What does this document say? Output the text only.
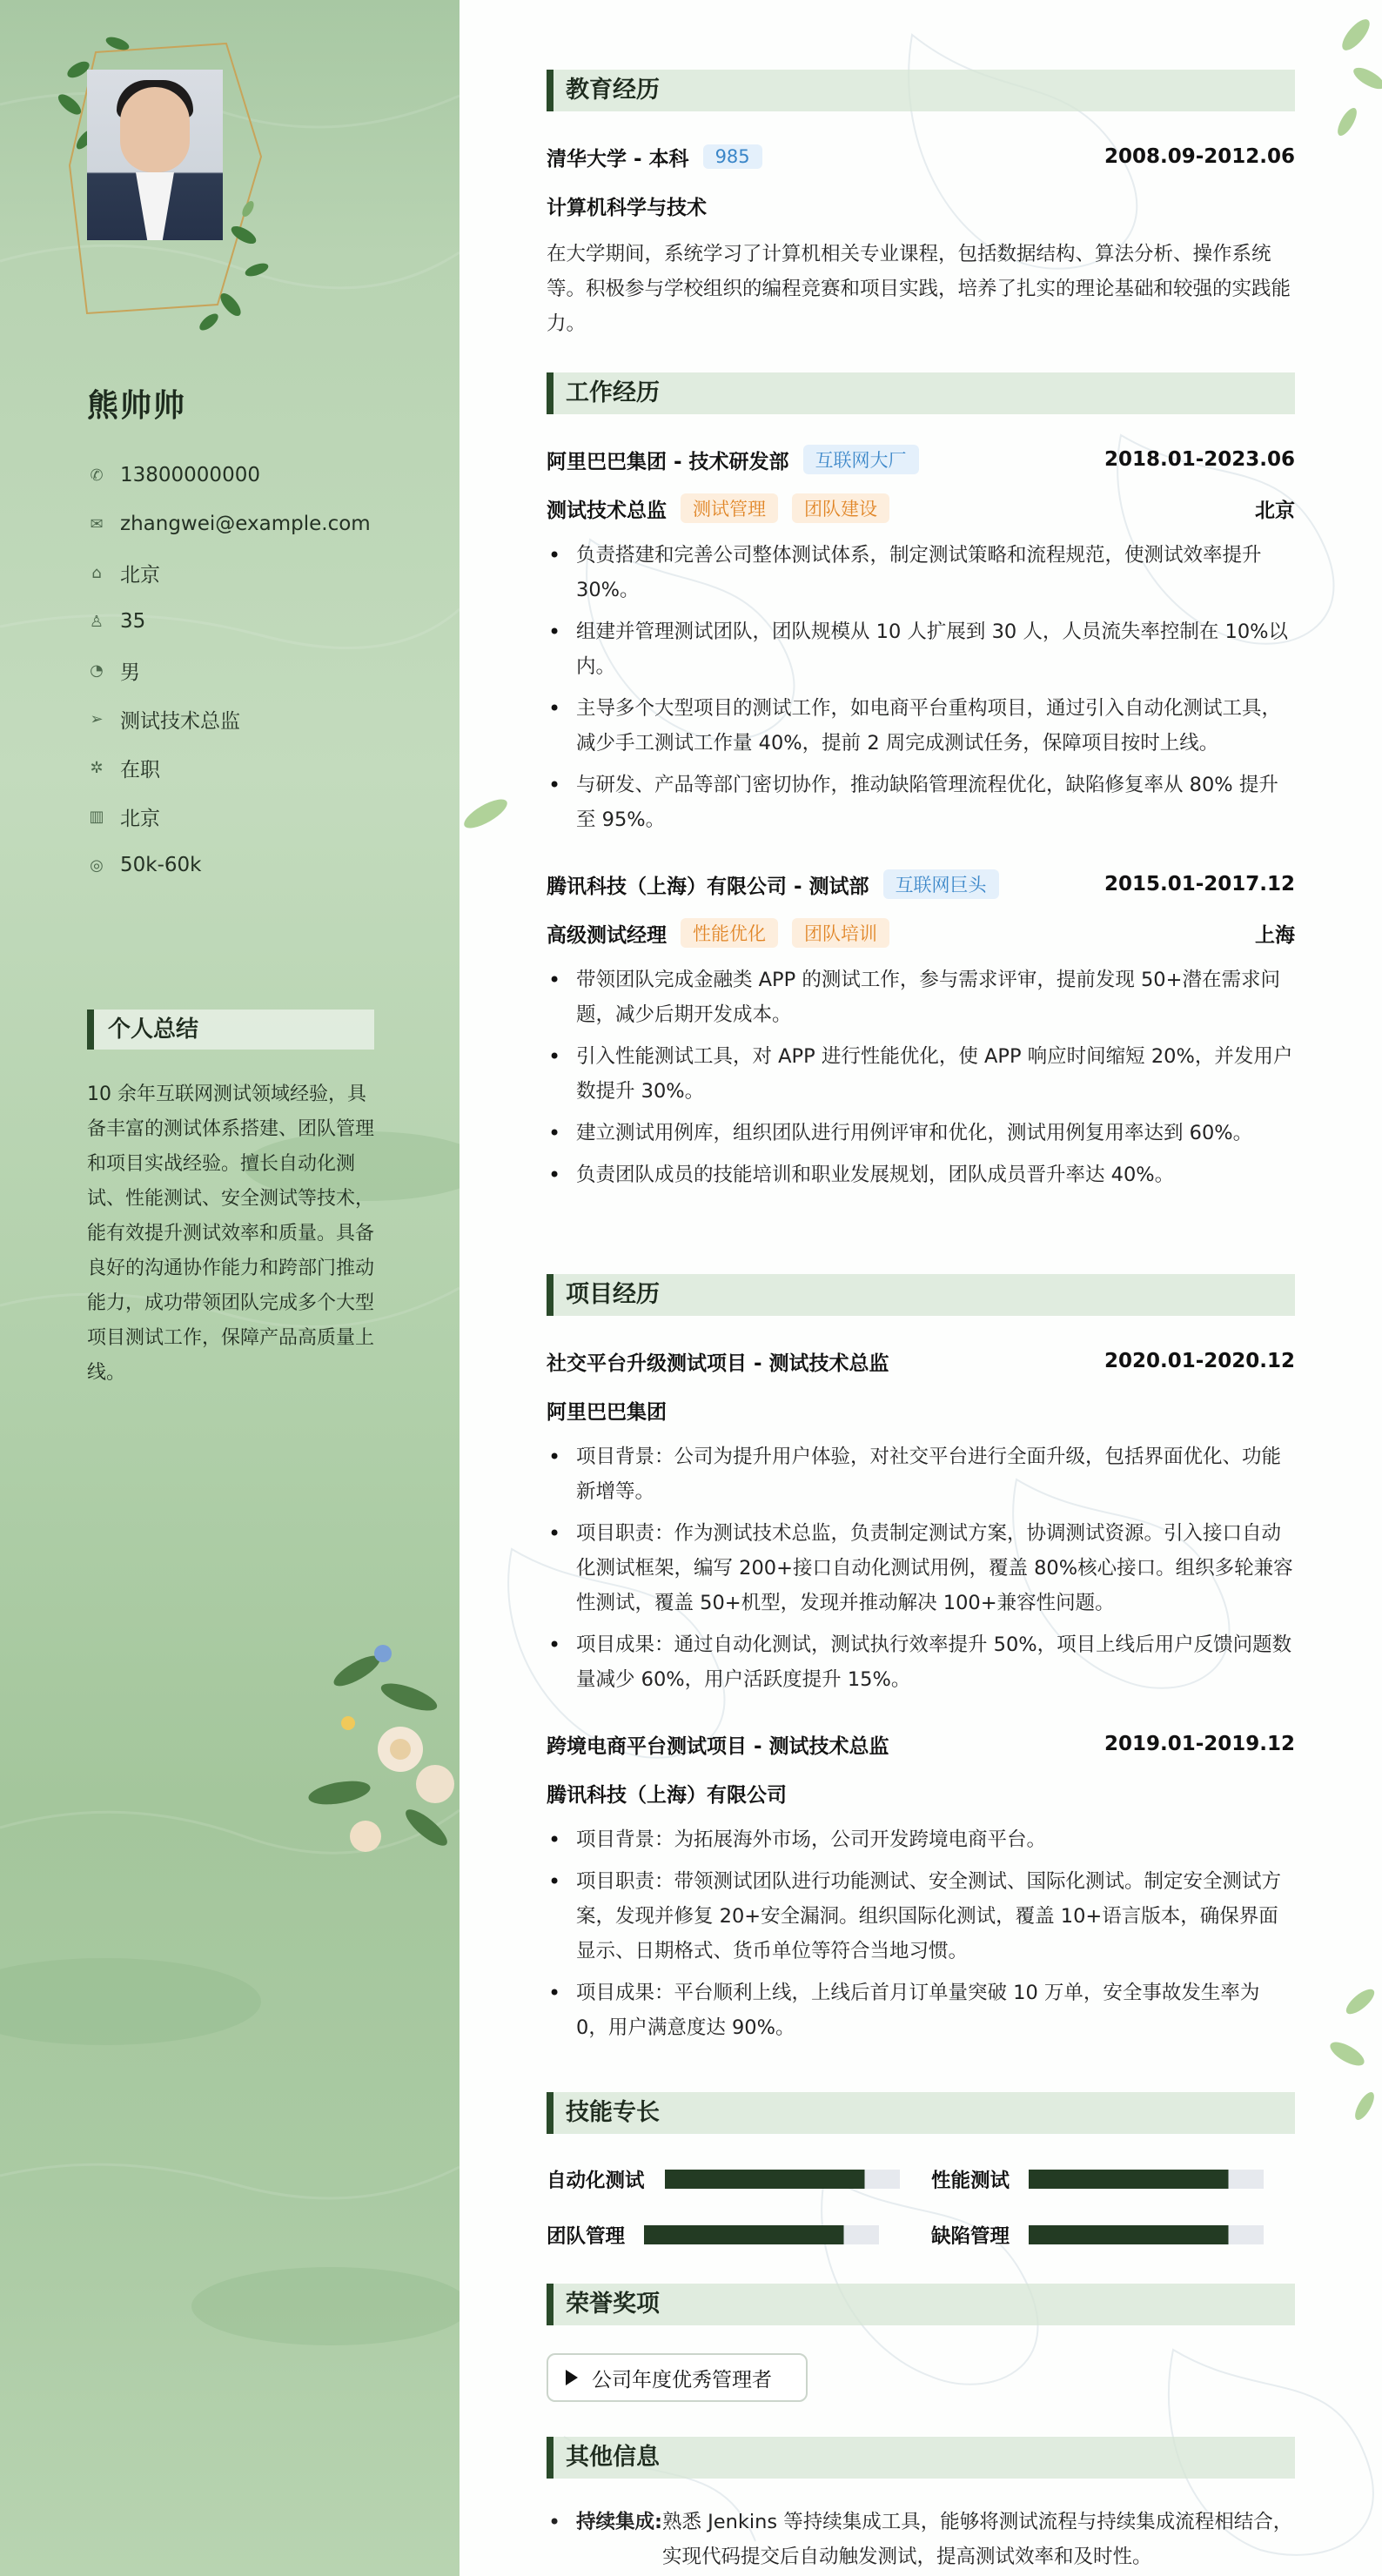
熊帅帅
✆ 13800000000
✉ zhangwei@example.com
⌂ 北京
♙ 35
◔ 男
➢ 测试技术总监
✲ 在职
▥ 北京
◎ 50k-60k
个人总结
10 余年互联网测试领域经验，具备丰富的测试体系搭建、团队管理和项目实战经验。擅长自动化测试、性能测试、安全测试等技术，能有效提升测试效率和质量。具备良好的沟通协作能力和跨部门推动能力，成功带领团队完成多个大型项目测试工作，保障产品高质量上线。
教育经历
清华大学 - 本科	985	2008.09-2012.06
计算机科学与技术
在大学期间，系统学习了计算机相关专业课程，包括数据结构、算法分析、操作系统等。积极参与学校组织的编程竞赛和项目实践，培养了扎实的理论基础和较强的实践能力。
工作经历
阿里巴巴集团 - 技术研发部	互联网大厂	2018.01-2023.06
测试技术总监	测试管理	团队建设	北京
• 负责搭建和完善公司整体测试体系，制定测试策略和流程规范，使测试效率提升 30%。
• 组建并管理测试团队，团队规模从 10 人扩展到 30 人，人员流失率控制在 10%以内。
• 主导多个大型项目的测试工作，如电商平台重构项目，通过引入自动化测试工具，减少手工测试工作量 40%，提前 2 周完成测试任务，保障项目按时上线。
• 与研发、产品等部门密切协作，推动缺陷管理流程优化，缺陷修复率从 80% 提升至 95%。
腾讯科技（上海）有限公司 - 测试部	互联网巨头	2015.01-2017.12
高级测试经理	性能优化	团队培训	上海
• 带领团队完成金融类 APP 的测试工作，参与需求评审，提前发现 50+潜在需求问题，减少后期开发成本。
• 引入性能测试工具，对 APP 进行性能优化，使 APP 响应时间缩短 20%，并发用户数提升 30%。
• 建立测试用例库，组织团队进行用例评审和优化，测试用例复用率达到 60%。
• 负责团队成员的技能培训和职业发展规划，团队成员晋升率达 40%。
项目经历
社交平台升级测试项目 - 测试技术总监	2020.01-2020.12
阿里巴巴集团
• 项目背景：公司为提升用户体验，对社交平台进行全面升级，包括界面优化、功能新增等。
• 项目职责：作为测试技术总监，负责制定测试方案，协调测试资源。引入接口自动化测试框架，编写 200+接口自动化测试用例，覆盖 80%核心接口。组织多轮兼容性测试，覆盖 50+机型，发现并推动解决 100+兼容性问题。
• 项目成果：通过自动化测试，测试执行效率提升 50%，项目上线后用户反馈问题数量减少 60%，用户活跃度提升 15%。
跨境电商平台测试项目 - 测试技术总监	2019.01-2019.12
腾讯科技（上海）有限公司
• 项目背景：为拓展海外市场，公司开发跨境电商平台。
• 项目职责：带领测试团队进行功能测试、安全测试、国际化测试。制定安全测试方案，发现并修复 20+安全漏洞。组织国际化测试，覆盖 10+语言版本，确保界面显示、日期格式、货币单位等符合当地习惯。
• 项目成果：平台顺利上线，上线后首月订单量突破 10 万单，安全事故发生率为 0，用户满意度达 90%。
技能专长
自动化测试	性能测试
团队管理	缺陷管理
荣誉奖项
公司年度优秀管理者
其他信息
• 持续集成: 熟悉 Jenkins 等持续集成工具，能够将测试流程与持续集成流程相结合，实现代码提交后自动触发测试，提高测试效率和及时性。
